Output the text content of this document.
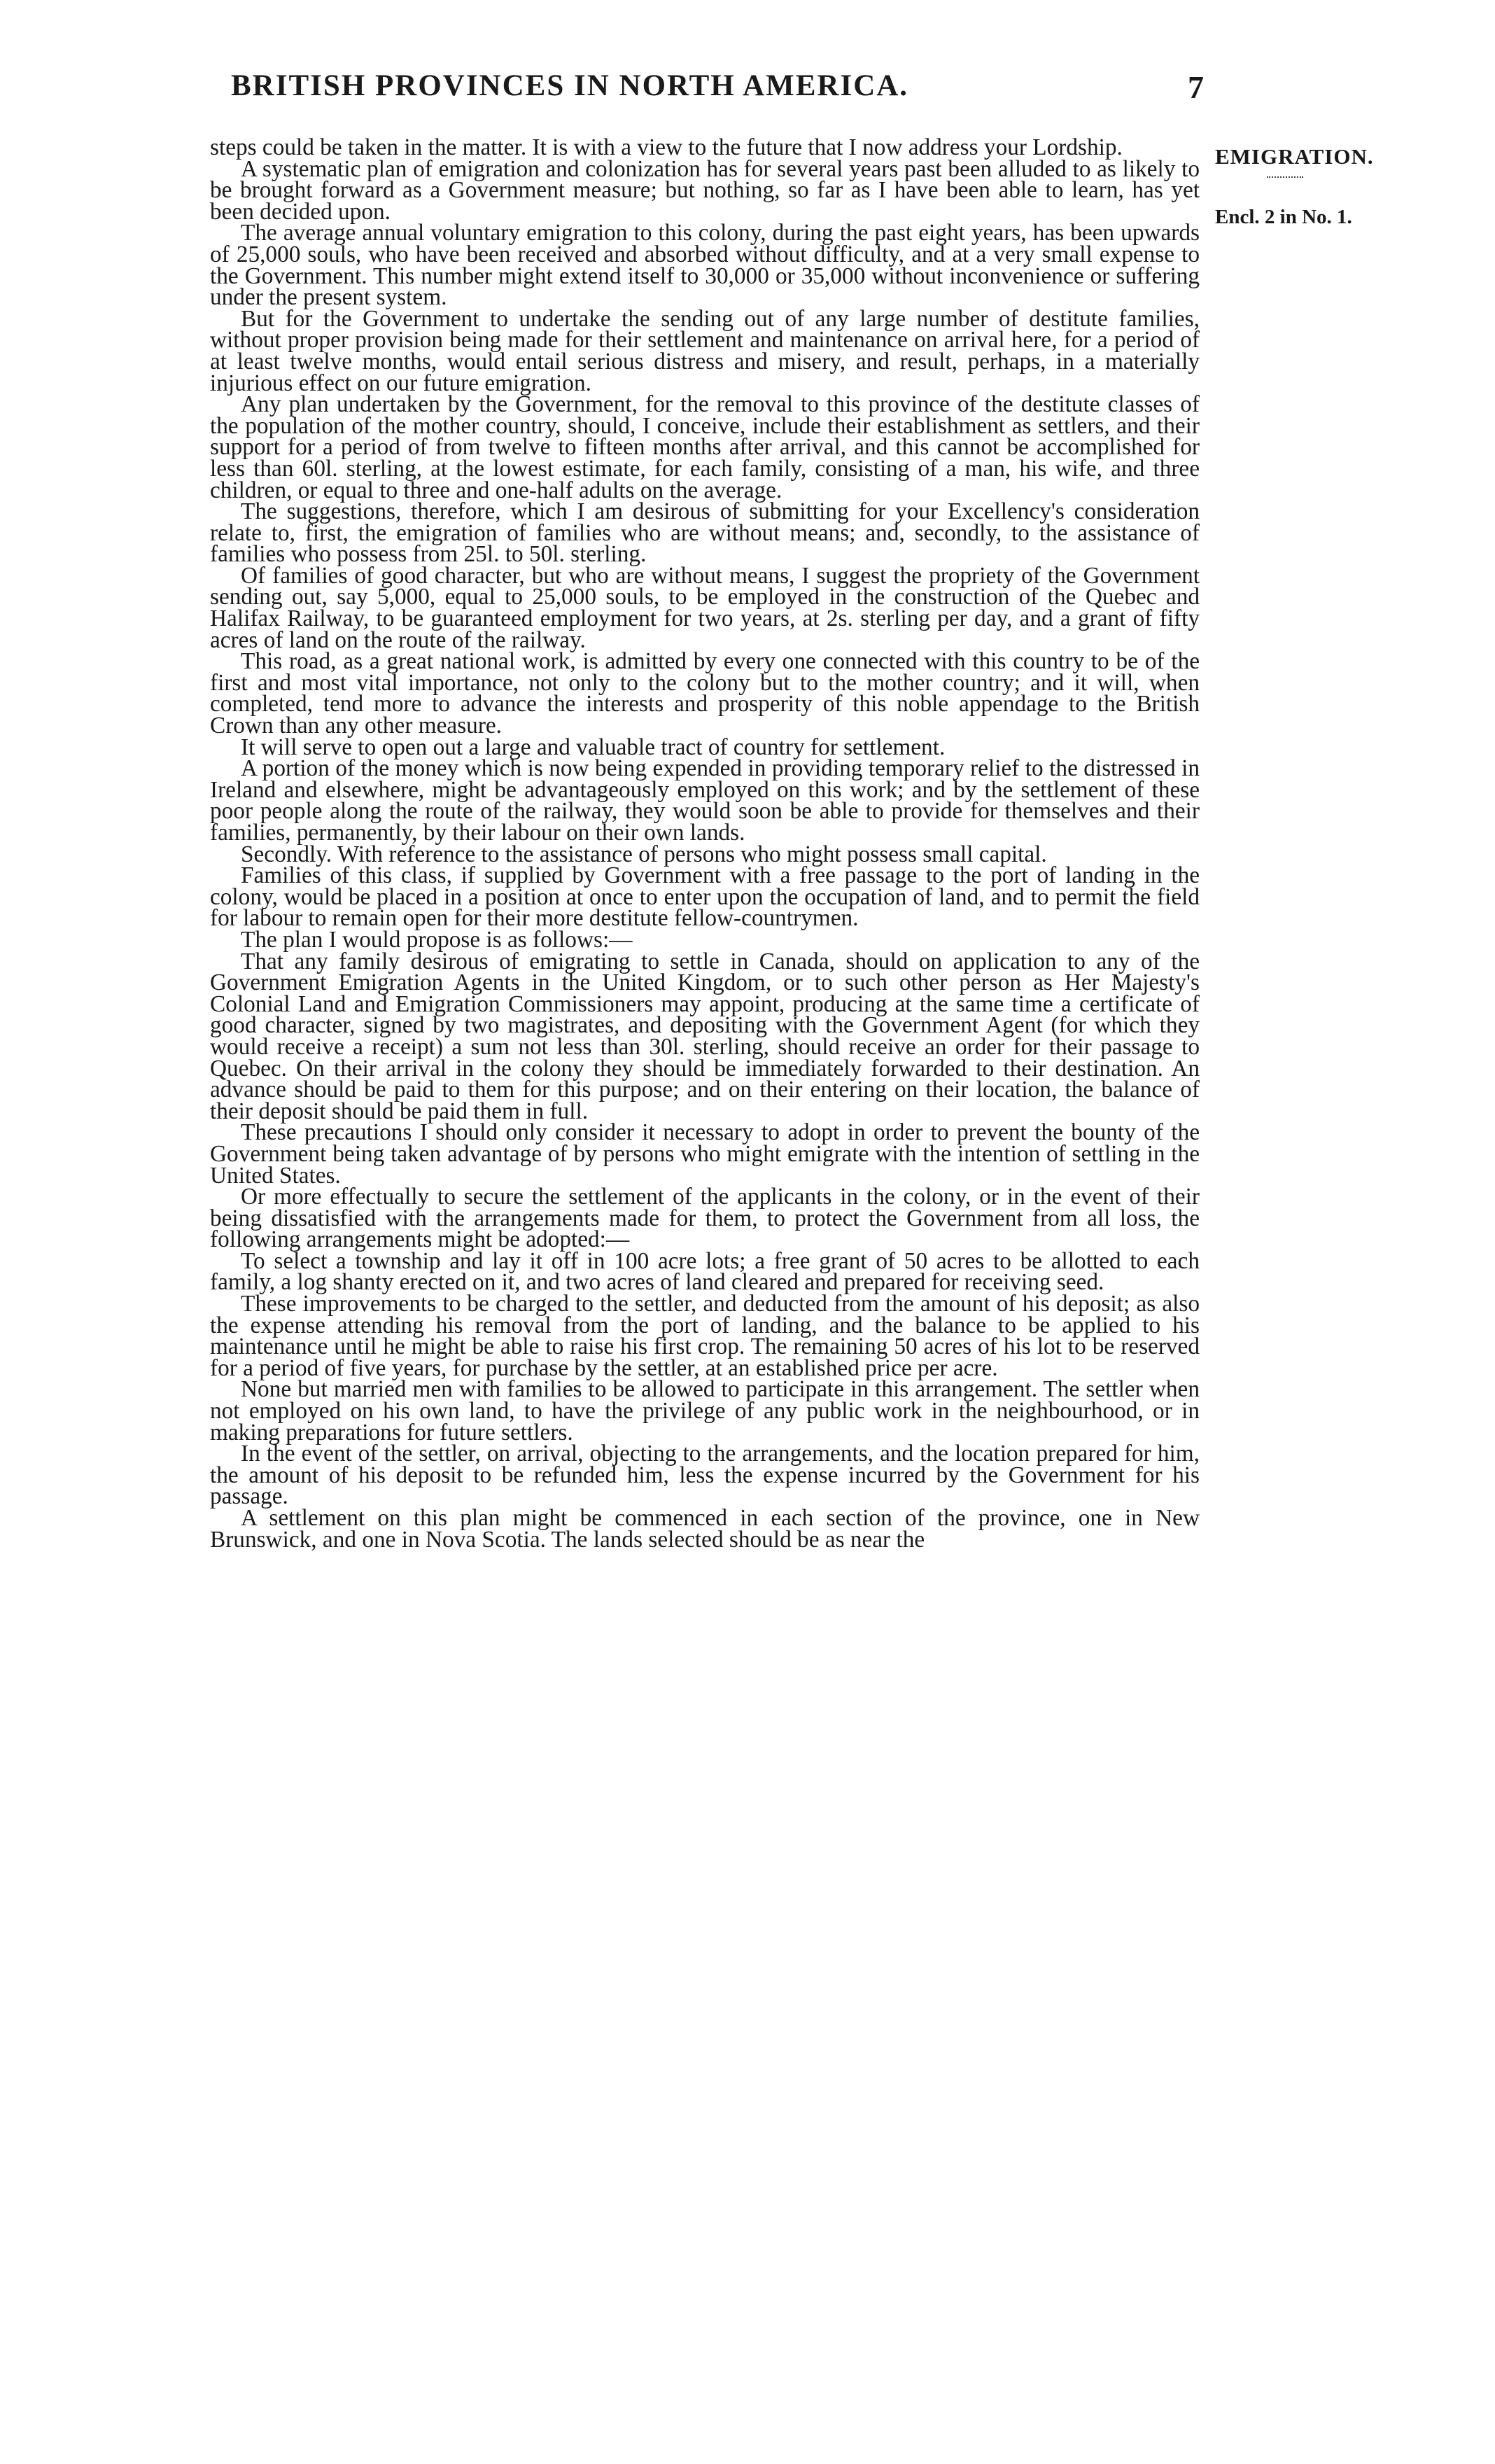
BRITISH PROVINCES IN NORTH AMERICA.	7
EMIGRATION.
Encl. 2 in No. 1.

steps could be taken in the matter. It is with a view to the future that I now address your Lordship.

A systematic plan of emigration and colonization has for several years past been alluded to as likely to be brought forward as a Government measure; but nothing, so far as I have been able to learn, has yet been decided upon.

The average annual voluntary emigration to this colony, during the past eight years, has been upwards of 25,000 souls, who have been received and absorbed without difficulty, and at a very small expense to the Government. This number might extend itself to 30,000 or 35,000 without inconvenience or suffering under the present system.

But for the Government to undertake the sending out of any large number of destitute families, without proper provision being made for their settlement and maintenance on arrival here, for a period of at least twelve months, would entail serious distress and misery, and result, perhaps, in a materially injurious effect on our future emigration.

Any plan undertaken by the Government, for the removal to this province of the destitute classes of the population of the mother country, should, I conceive, include their establishment as settlers, and their support for a period of from twelve to fifteen months after arrival, and this cannot be accomplished for less than 60l. sterling, at the lowest estimate, for each family, consisting of a man, his wife, and three children, or equal to three and one-half adults on the average.

The suggestions, therefore, which I am desirous of submitting for your Excellency's consideration relate to, first, the emigration of families who are without means; and, secondly, to the assistance of families who possess from 25l. to 50l. sterling.

Of families of good character, but who are without means, I suggest the propriety of the Government sending out, say 5,000, equal to 25,000 souls, to be employed in the construction of the Quebec and Halifax Railway, to be guaranteed employment for two years, at 2s. sterling per day, and a grant of fifty acres of land on the route of the railway.

This road, as a great national work, is admitted by every one connected with this country to be of the first and most vital importance, not only to the colony but to the mother country; and it will, when completed, tend more to advance the interests and prosperity of this noble appendage to the British Crown than any other measure.

It will serve to open out a large and valuable tract of country for settlement.

A portion of the money which is now being expended in providing temporary relief to the distressed in Ireland and elsewhere, might be advantageously employed on this work; and by the settlement of these poor people along the route of the railway, they would soon be able to provide for themselves and their families, permanently, by their labour on their own lands.

Secondly. With reference to the assistance of persons who might possess small capital.

Families of this class, if supplied by Government with a free passage to the port of landing in the colony, would be placed in a position at once to enter upon the occupation of land, and to permit the field for labour to remain open for their more destitute fellow-countrymen.

The plan I would propose is as follows:—

That any family desirous of emigrating to settle in Canada, should on application to any of the Government Emigration Agents in the United Kingdom, or to such other person as Her Majesty's Colonial Land and Emigration Commissioners may appoint, producing at the same time a certificate of good character, signed by two magistrates, and depositing with the Government Agent (for which they would receive a receipt) a sum not less than 30l. sterling, should receive an order for their passage to Quebec. On their arrival in the colony they should be immediately forwarded to their destination. An advance should be paid to them for this purpose; and on their entering on their location, the balance of their deposit should be paid them in full.

These precautions I should only consider it necessary to adopt in order to prevent the bounty of the Government being taken advantage of by persons who might emigrate with the intention of settling in the United States.

Or more effectually to secure the settlement of the applicants in the colony, or in the event of their being dissatisfied with the arrangements made for them, to protect the Government from all loss, the following arrangements might be adopted:—

To select a township and lay it off in 100 acre lots; a free grant of 50 acres to be allotted to each family, a log shanty erected on it, and two acres of land cleared and prepared for receiving seed.

These improvements to be charged to the settler, and deducted from the amount of his deposit; as also the expense attending his removal from the port of landing, and the balance to be applied to his maintenance until he might be able to raise his first crop. The remaining 50 acres of his lot to be reserved for a period of five years, for purchase by the settler, at an established price per acre.

None but married men with families to be allowed to participate in this arrangement. The settler when not employed on his own land, to have the privilege of any public work in the neighbourhood, or in making preparations for future settlers.

In the event of the settler, on arrival, objecting to the arrangements, and the location prepared for him, the amount of his deposit to be refunded him, less the expense incurred by the Government for his passage.

A settlement on this plan might be commenced in each section of the province, one in New Brunswick, and one in Nova Scotia. The lands selected should be as near the
